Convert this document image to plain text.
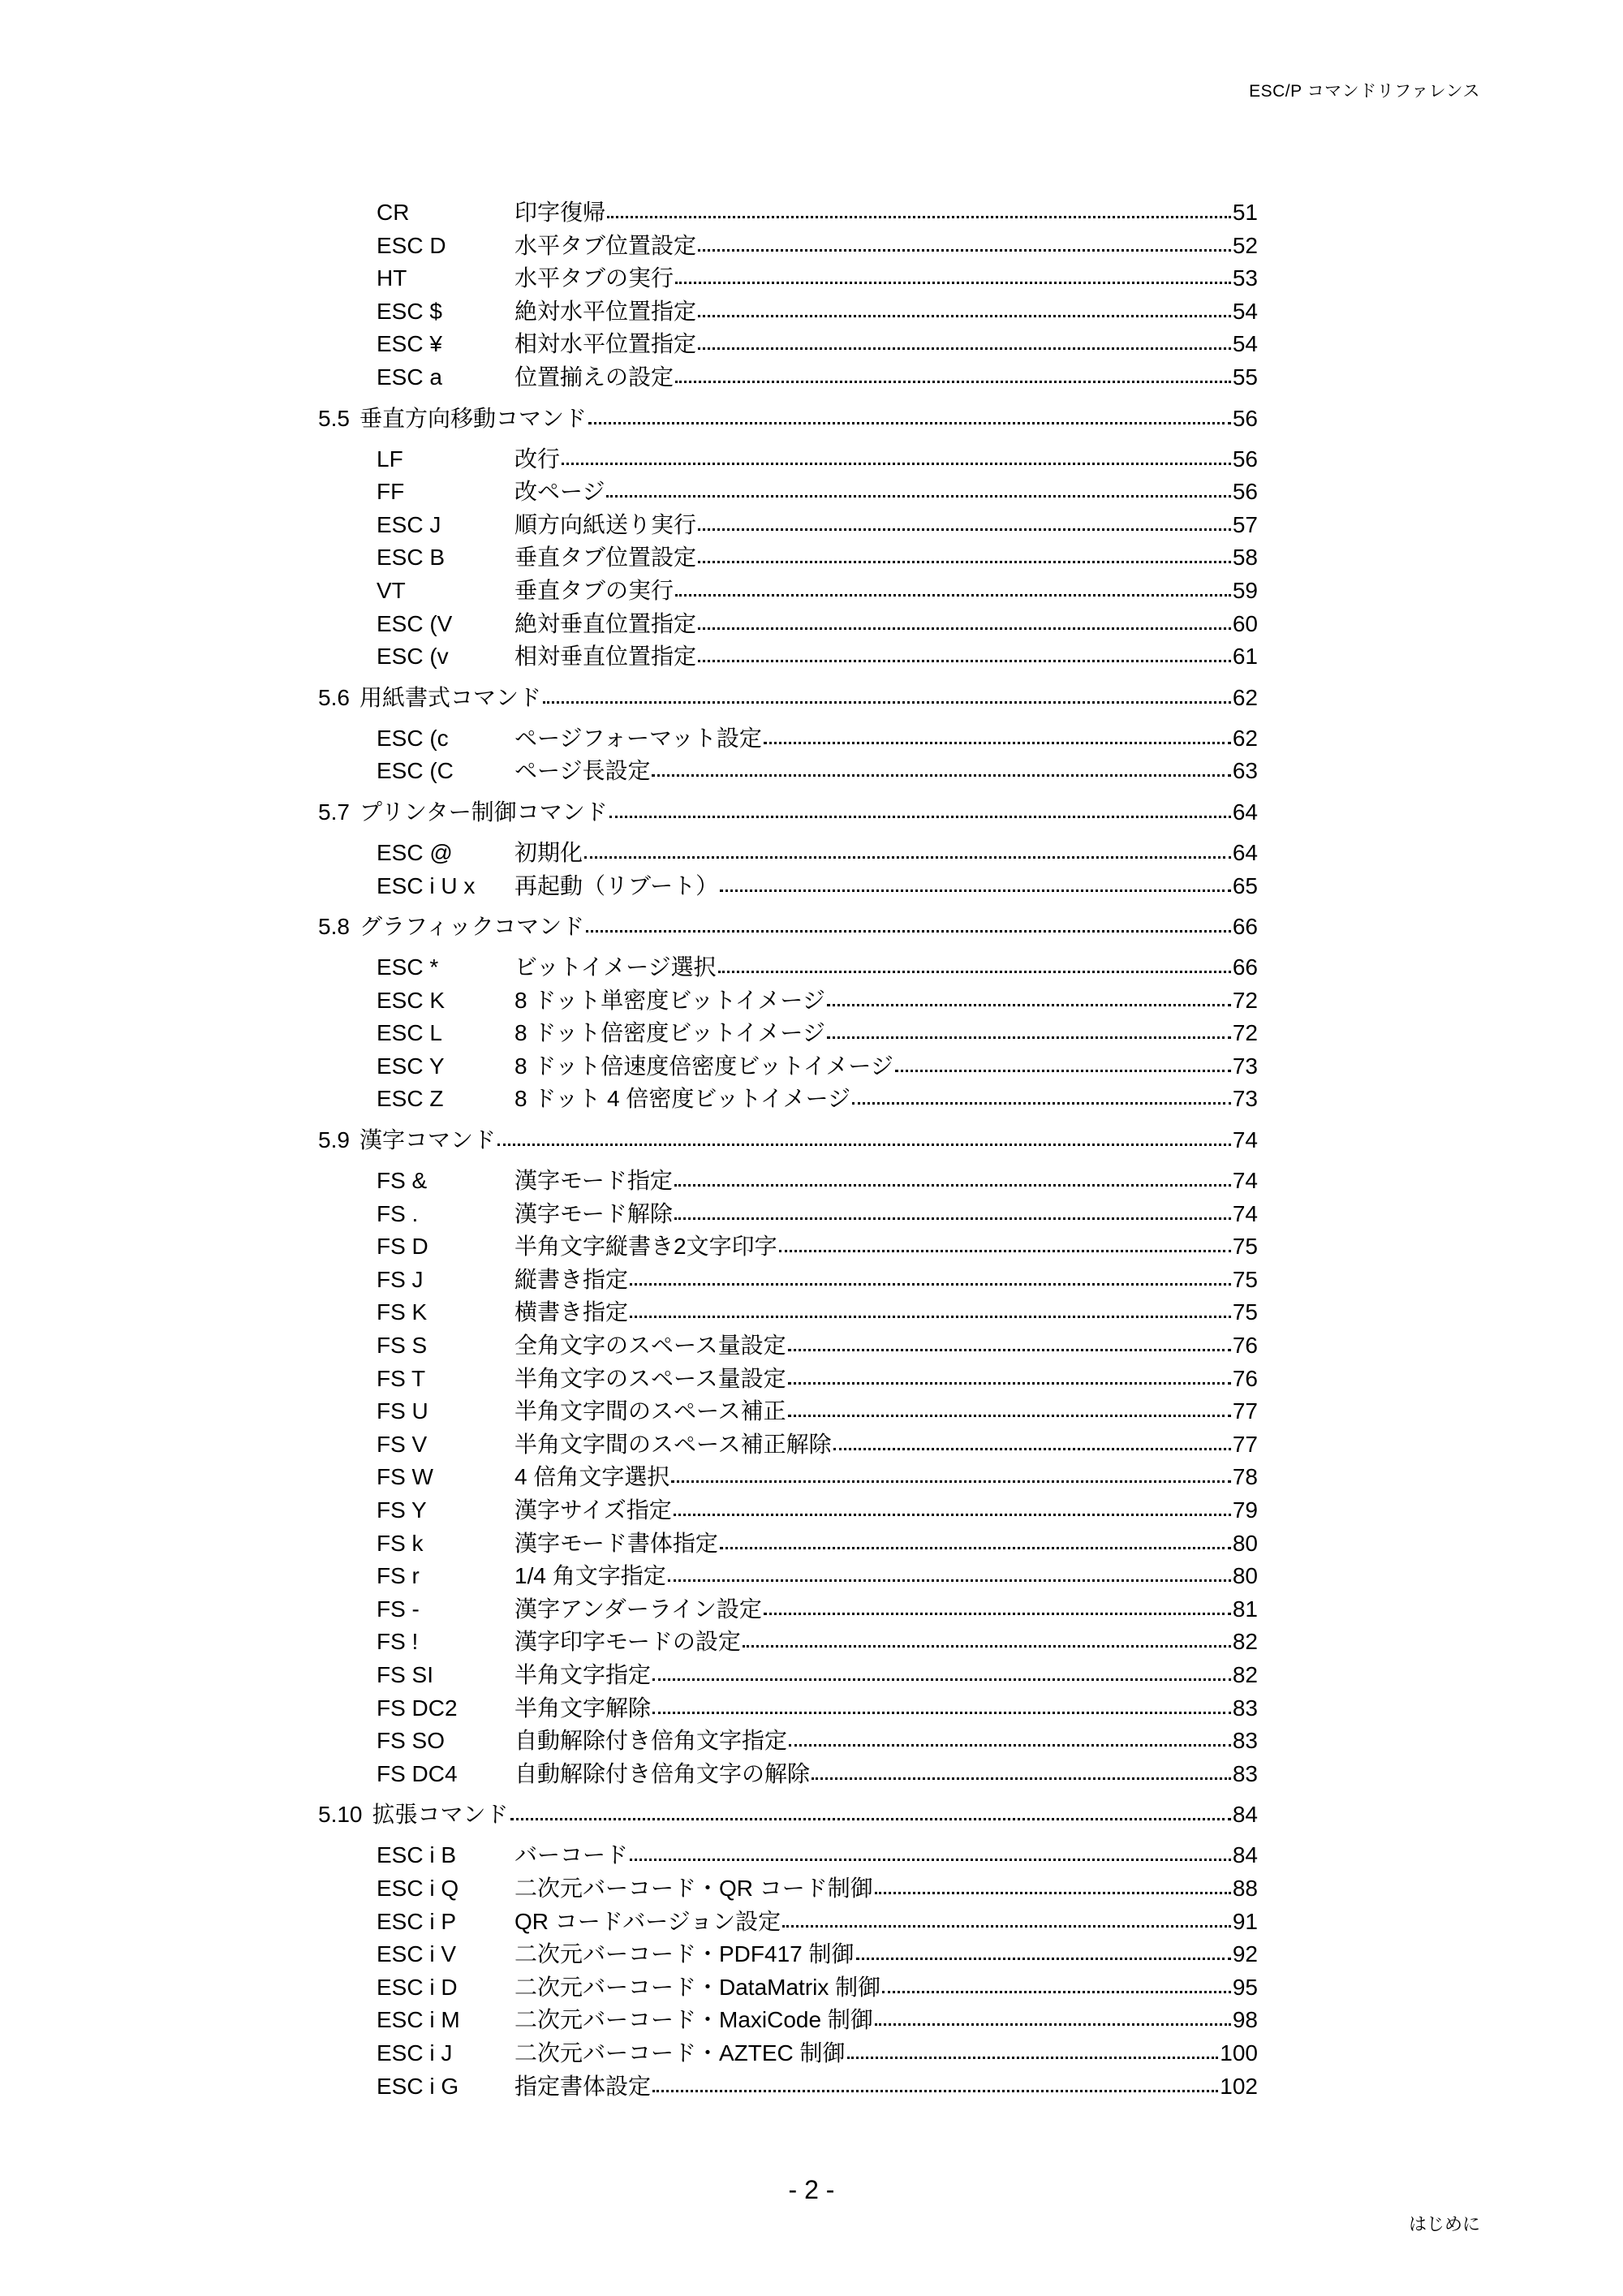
ESC/P コマンドリファレンス
CR	印字復帰	51
ESC D	水平タブ位置設定	52
HT	水平タブの実行	53
ESC $	絶対水平位置指定	54
ESC ¥	相対水平位置指定	54
ESC a	位置揃えの設定	55
5.5 垂直方向移動コマンド	56
LF	改行	56
FF	改ページ	56
ESC J	順方向紙送り実行	57
ESC B	垂直タブ位置設定	58
VT	垂直タブの実行	59
ESC (V	絶対垂直位置指定	60
ESC (v	相対垂直位置指定	61
5.6 用紙書式コマンド	62
ESC (c	ページフォーマット設定	62
ESC (C	ページ長設定	63
5.7 プリンター制御コマンド	64
ESC @	初期化	64
ESC i U x	再起動（リブート）	65
5.8 グラフィックコマンド	66
ESC *	ビットイメージ選択	66
ESC K	8 ドット単密度ビットイメージ	72
ESC L	8 ドット倍密度ビットイメージ	72
ESC Y	8 ドット倍速度倍密度ビットイメージ	73
ESC Z	8 ドット 4 倍密度ビットイメージ	73
5.9 漢字コマンド	74
FS &	漢字モード指定	74
FS .	漢字モード解除	74
FS D	半角文字縦書き2文字印字	75
FS J	縦書き指定	75
FS K	横書き指定	75
FS S	全角文字のスペース量設定	76
FS T	半角文字のスペース量設定	76
FS U	半角文字間のスペース補正	77
FS V	半角文字間のスペース補正解除	77
FS W	4 倍角文字選択	78
FS Y	漢字サイズ指定	79
FS k	漢字モード書体指定	80
FS r	1/4 角文字指定	80
FS -	漢字アンダーライン設定	81
FS !	漢字印字モードの設定	82
FS SI	半角文字指定	82
FS DC2	半角文字解除	83
FS SO	自動解除付き倍角文字指定	83
FS DC4	自動解除付き倍角文字の解除	83
5.10 拡張コマンド	84
ESC i B	バーコード	84
ESC i Q	二次元バーコード・QR コード制御	88
ESC i P	QR コードバージョン設定	91
ESC i V	二次元バーコード・PDF417 制御	92
ESC i D	二次元バーコード・DataMatrix 制御	95
ESC i M	二次元バーコード・MaxiCode 制御	98
ESC i J	二次元バーコード・AZTEC 制御	100
ESC i G	指定書体設定	102
- 2 -
はじめに
